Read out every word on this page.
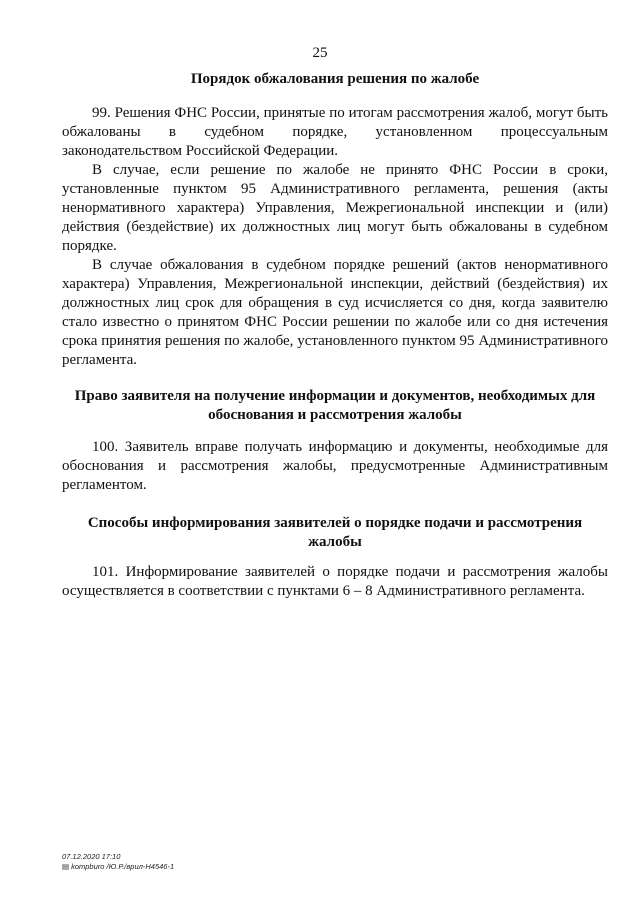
25

Порядок обжалования решения по жалобе

99. Решения ФНС России, принятые по итогам рассмотрения жалоб, могут быть обжалованы в судебном порядке, установленном процессуальным законодательством Российской Федерации.

В случае, если решение по жалобе не принято ФНС России в сроки, установленные пунктом 95 Административного регламента, решения (акты ненормативного характера) Управления, Межрегиональной инспекции и (или) действия (бездействие) их должностных лиц могут быть обжалованы в судебном порядке.

В случае обжалования в судебном порядке решений (актов ненормативного характера) Управления, Межрегиональной инспекции, действий (бездействия) их должностных лиц срок для обращения в суд исчисляется со дня, когда заявителю стало известно о принятом ФНС России решении по жалобе или со дня истечения срока принятия решения по жалобе, установленного пунктом 95 Административного регламента.

Право заявителя на получение информации и документов, необходимых для обоснования и рассмотрения жалобы

100. Заявитель вправе получать информацию и документы, необходимые для обоснования и рассмотрения жалобы, предусмотренные Административным регламентом.

Способы информирования заявителей о порядке подачи и рассмотрения жалобы

101. Информирование заявителей о порядке подачи и рассмотрения жалобы осуществляется в соответствии с пунктами 6 – 8 Административного регламента.

07.12.2020 17:10
▤ kompburo /Ю.Р./врил-Н4546-1
